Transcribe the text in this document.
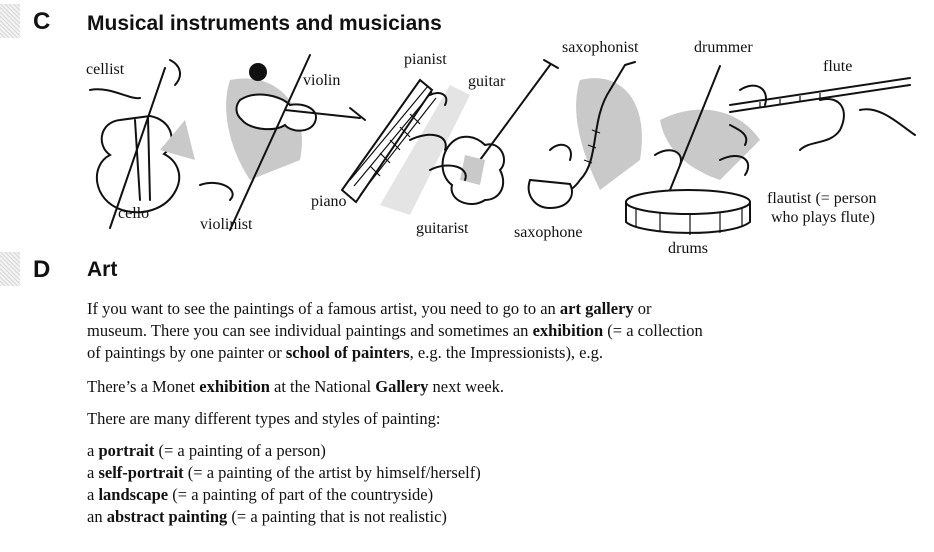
C Musical instruments and musicians
cellist
cello
violin
violinist
pianist
piano
guitar
guitarist
saxophonist
saxophone
drummer
drums
flute
flautist (= person
who plays flute)
D Art
If you want to see the paintings of a famous artist, you need to go to an art gallery or
museum. There you can see individual paintings and sometimes an exhibition (= a collection
of paintings by one painter or school of painters, e.g. the Impressionists), e.g.
There’s a Monet exhibition at the National Gallery next week.
There are many different types and styles of painting:
a portrait (= a painting of a person)
a self-portrait (= a painting of the artist by himself/herself)
a landscape (= a painting of part of the countryside)
an abstract painting (= a painting that is not realistic)
